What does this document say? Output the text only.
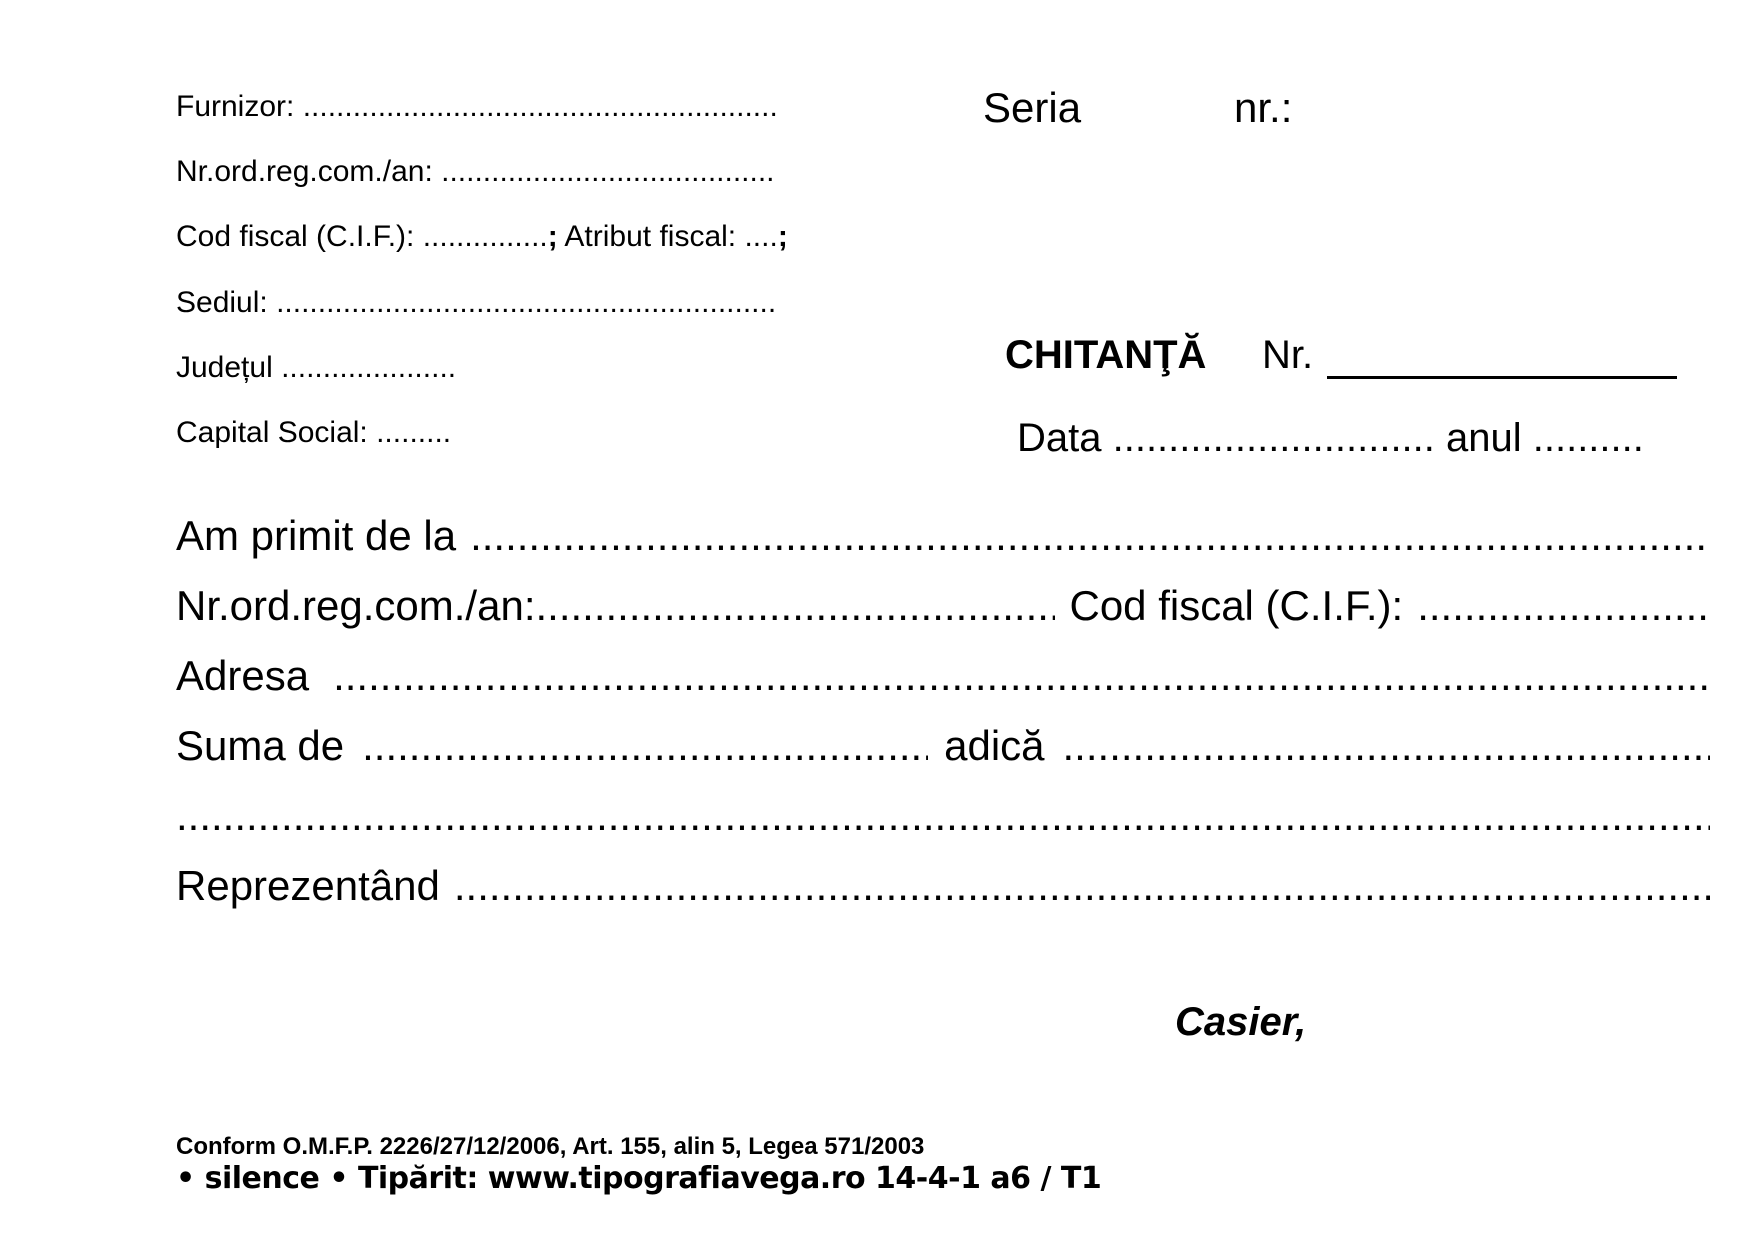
Furnizor: .........................................................
Nr.ord.reg.com./an: ........................................
Cod fiscal (C.I.F.): ...............; Atribut fiscal: ....;
Sediul: ............................................................
Județul .....................
Capital Social: .........
Seria	nr.:
CHITANŢĂ Nr.
Data ............................. anul ..........
Am primit de la
.....
Nr.ord.reg.com./an: .....	Cod fiscal (C.I.F.):
.....
Adresa
.....
Suma de .....	adică
.....
.....
Reprezentând
.....
Casier,
Conform O.M.F.P. 2226/27/12/2006, Art. 155, alin 5, Legea 571/2003
• silence • Tipărit: www.tipografiavega.ro 14-4-1 a6 / T1
